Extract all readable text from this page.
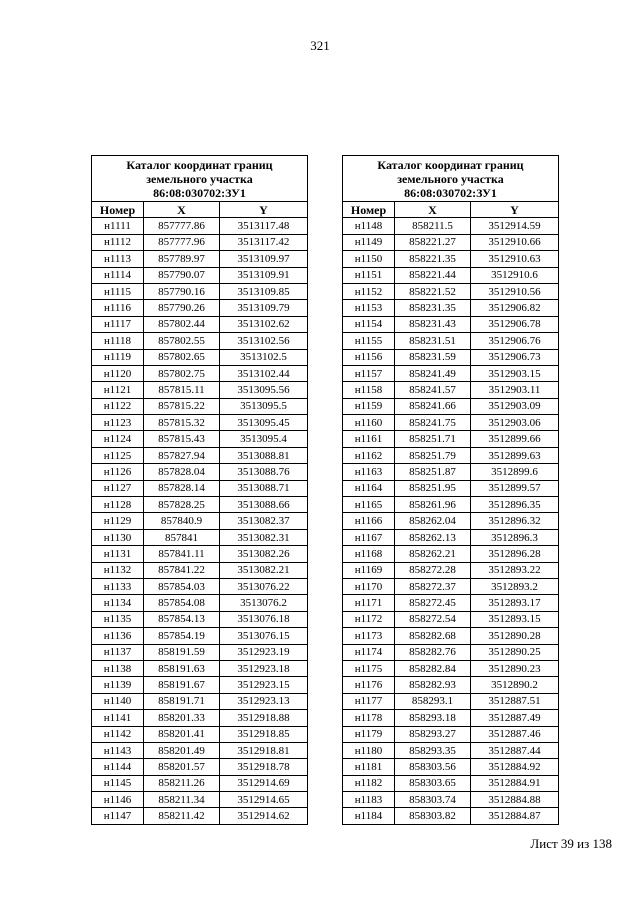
321
Каталог координат границ
земельного участка
86:08:030702:ЗУ1		

Номер	X	Y
н1111	857777.86	3513117.48
н1112	857777.96	3513117.42
н1113	857789.97	3513109.97
н1114	857790.07	3513109.91
н1115	857790.16	3513109.85
н1116	857790.26	3513109.79
н1117	857802.44	3513102.62
н1118	857802.55	3513102.56
н1119	857802.65	3513102.5
н1120	857802.75	3513102.44
н1121	857815.11	3513095.56
н1122	857815.22	3513095.5
н1123	857815.32	3513095.45
н1124	857815.43	3513095.4
н1125	857827.94	3513088.81
н1126	857828.04	3513088.76
н1127	857828.14	3513088.71
н1128	857828.25	3513088.66
н1129	857840.9	3513082.37
н1130	857841	3513082.31
н1131	857841.11	3513082.26
н1132	857841.22	3513082.21
н1133	857854.03	3513076.22
н1134	857854.08	3513076.2
н1135	857854.13	3513076.18
н1136	857854.19	3513076.15
н1137	858191.59	3512923.19
н1138	858191.63	3512923.18
н1139	858191.67	3512923.15
н1140	858191.71	3512923.13
н1141	858201.33	3512918.88
н1142	858201.41	3512918.85
н1143	858201.49	3512918.81
н1144	858201.57	3512918.78
н1145	858211.26	3512914.69
н1146	858211.34	3512914.65
н1147	858211.42	3512914.62
Каталог координат границ
земельного участка
86:08:030702:ЗУ1		

Номер	X	Y
н1148	858211.5	3512914.59
н1149	858221.27	3512910.66
н1150	858221.35	3512910.63
н1151	858221.44	3512910.6
н1152	858221.52	3512910.56
н1153	858231.35	3512906.82
н1154	858231.43	3512906.78
н1155	858231.51	3512906.76
н1156	858231.59	3512906.73
н1157	858241.49	3512903.15
н1158	858241.57	3512903.11
н1159	858241.66	3512903.09
н1160	858241.75	3512903.06
н1161	858251.71	3512899.66
н1162	858251.79	3512899.63
н1163	858251.87	3512899.6
н1164	858251.95	3512899.57
н1165	858261.96	3512896.35
н1166	858262.04	3512896.32
н1167	858262.13	3512896.3
н1168	858262.21	3512896.28
н1169	858272.28	3512893.22
н1170	858272.37	3512893.2
н1171	858272.45	3512893.17
н1172	858272.54	3512893.15
н1173	858282.68	3512890.28
н1174	858282.76	3512890.25
н1175	858282.84	3512890.23
н1176	858282.93	3512890.2
н1177	858293.1	3512887.51
н1178	858293.18	3512887.49
н1179	858293.27	3512887.46
н1180	858293.35	3512887.44
н1181	858303.56	3512884.92
н1182	858303.65	3512884.91
н1183	858303.74	3512884.88
н1184	858303.82	3512884.87
Лист 39 из 138
